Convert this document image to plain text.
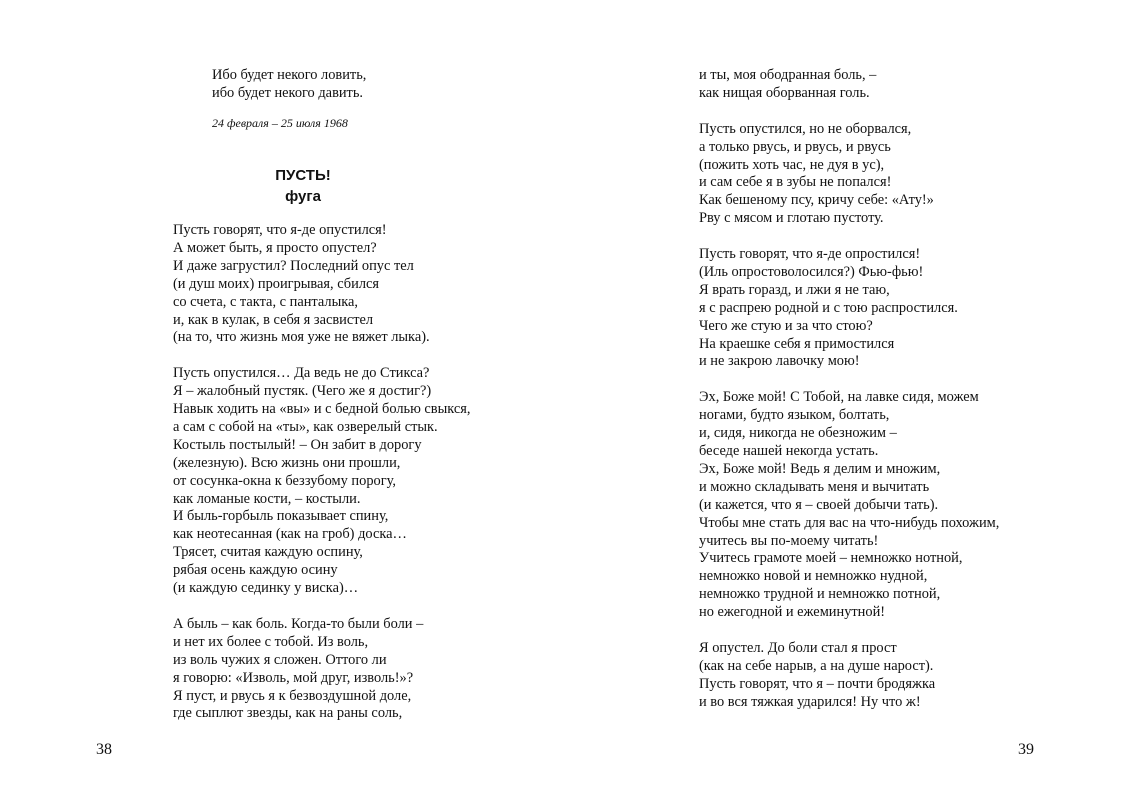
Ибо будет некого ловить,
ибо будет некого давить.
24 февраля – 25 июля 1968
ПУСТЬ!
фуга
Пусть говорят, что я-де опустился!
А может быть, я просто опустел?
И даже загрустил? Последний опус тел
(и душ моих) проигрывая, сбился
со счета, с такта, с панталыка,
и, как в кулак, в себя я засвистел
(на то, что жизнь моя уже не вяжет лыка).
Пусть опустился… Да ведь не до Стикса?
Я – жалобный пустяк. (Чего же я достиг?)
Навык ходить на «вы» и с бедной болью свыкся,
а сам с собой на «ты», как озверелый стык.
Костыль постылый! – Он забит в дорогу
(железную). Всю жизнь они прошли,
от сосунка-окна к беззубому порогу,
как ломаные кости, – костыли.
И быль-горбыль показывает спину,
как неотесанная (как на гроб) доска…
Трясет, считая каждую оспину,
рябая осень каждую осину
(и каждую сединку у виска)…
А быль – как боль. Когда-то были боли –
и нет их более с тобой. Из воль,
из воль чужих я сложен. Оттого ли
я говорю: «Изволь, мой друг, изволь!»?
Я пуст, и рвусь я к безвоздушной доле,
где сыплют звезды, как на раны соль,
38
и ты, моя ободранная боль, –
как нищая оборванная голь.
Пусть опустился, но не оборвался,
а только рвусь, и рвусь, и рвусь
(пожить хоть час, не дуя в ус),
и сам себе я в зубы не попался!
Как бешеному псу, кричу себе: «Ату!»
Рву с мясом и глотаю пустоту.
Пусть говорят, что я-де опростился!
(Иль опростоволосился?) Фью-фью!
Я врать горазд, и лжи я не таю,
я с распрею родной и с тою распростился.
Чего же стую и за что стою?
На краешке себя я примостился
и не закрою лавочку мою!
Эх, Боже мой! С Тобой, на лавке сидя, можем
ногами, будто языком, болтать,
и, сидя, никогда не обезножим –
беседе нашей некогда устать.
Эх, Боже мой! Ведь я делим и множим,
и можно складывать меня и вычитать
(и кажется, что я – своей добычи тать).
Чтобы мне стать для вас на что-нибудь похожим,
учитесь вы по-моему читать!
Учитесь грамоте моей – немножко нотной,
немножко новой и немножко нудной,
немножко трудной и немножко потной,
но ежегодной и ежеминутной!
Я опустел. До боли стал я прост
(как на себе нарыв, а на душе нарост).
Пусть говорят, что я – почти бродяжка
и во вся тяжкая ударился! Ну что ж!
39
